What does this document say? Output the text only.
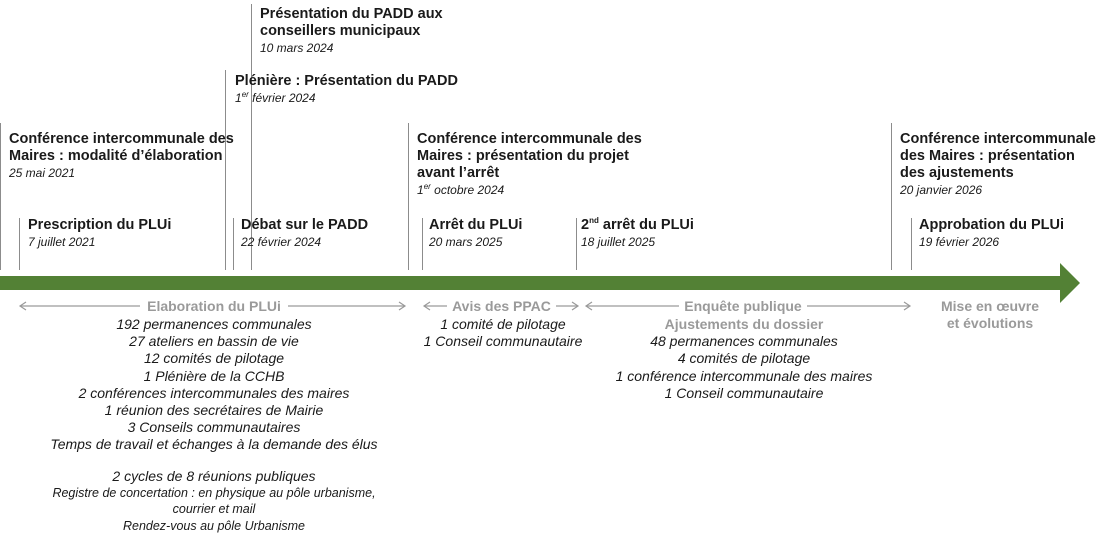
Conférence intercommunale des Maires : modalité d’élaboration
25 mai 2021
Prescription du PLUi
7 juillet 2021
Présentation du PADD aux conseillers municipaux
10 mars 2024
Plénière : Présentation du PADD
1er février 2024
Débat sur le PADD
22 février 2024
Conférence intercommunale des Maires : présentation du projet avant l’arrêt
1er octobre 2024
Arrêt du PLUi
20 mars 2025
2nd arrêt du PLUi
18 juillet 2025
Conférence intercommunale des Maires : présentation des ajustements
20 janvier 2026
Approbation du PLUi
19 février 2026
Elaboration du PLUi	Avis des PPAC	Enquête publique	Mise en œuvre
et évolutions
192 permanences communales
27 ateliers en bassin de vie
12 comités de pilotage
1 Plénière de la CCHB
2 conférences intercommunales des maires
1 réunion des secrétaires de Mairie
3 Conseils communautaires
Temps de travail et échanges à la demande des élus
2 cycles de 8 réunions publiques
Registre de concertation : en physique au pôle urbanisme,
courrier et mail
Rendez-vous au pôle Urbanisme
1 comité de pilotage
1 Conseil communautaire
Ajustements du dossier
48 permanences communales
4 comités de pilotage
1 conférence intercommunale des maires
1 Conseil communautaire
